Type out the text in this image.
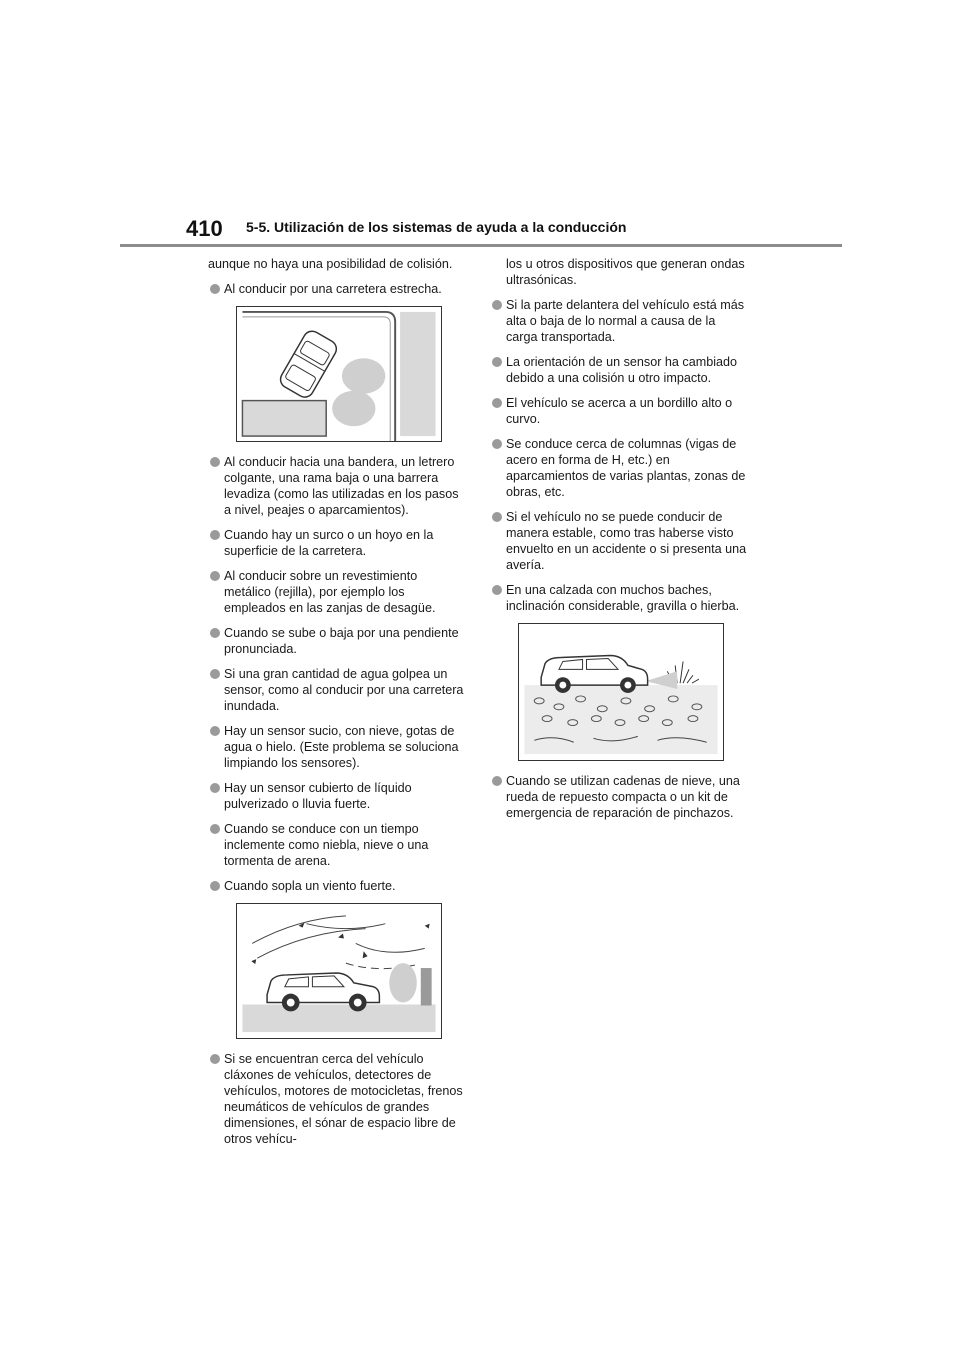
410 5-5. Utilización de los sistemas de ayuda a la conducción

aunque no haya una posibilidad de colisión.

Al conducir por una carretera estrecha.

Al conducir hacia una bandera, un letrero colgante, una rama baja o una barrera levadiza (como las utilizadas en los pasos a nivel, peajes o aparcamientos).

Cuando hay un surco o un hoyo en la superficie de la carretera.

Al conducir sobre un revestimiento metálico (rejilla), por ejemplo los empleados en las zanjas de desagüe.

Cuando se sube o baja por una pendiente pronunciada.

Si una gran cantidad de agua golpea un sensor, como al conducir por una carretera inundada.

Hay un sensor sucio, con nieve, gotas de agua o hielo. (Este problema se soluciona limpiando los sensores).

Hay un sensor cubierto de líquido pulverizado o lluvia fuerte.

Cuando se conduce con un tiempo inclemente como niebla, nieve o una tormenta de arena.

Cuando sopla un viento fuerte.

Si se encuentran cerca del vehículo cláxones de vehículos, detectores de vehículos, motores de motocicletas, frenos neumáticos de vehículos de grandes dimensiones, el sónar de espacio libre de otros vehícu-

los u otros dispositivos que generan ondas ultrasónicas.

Si la parte delantera del vehículo está más alta o baja de lo normal a causa de la carga transportada.

La orientación de un sensor ha cambiado debido a una colisión u otro impacto.

El vehículo se acerca a un bordillo alto o curvo.

Se conduce cerca de columnas (vigas de acero en forma de H, etc.) en aparcamientos de varias plantas, zonas de obras, etc.

Si el vehículo no se puede conducir de manera estable, como tras haberse visto envuelto en un accidente o si presenta una avería.

En una calzada con muchos baches, inclinación considerable, gravilla o hierba.

Cuando se utilizan cadenas de nieve, una rueda de repuesto compacta o un kit de emergencia de reparación de pinchazos.
